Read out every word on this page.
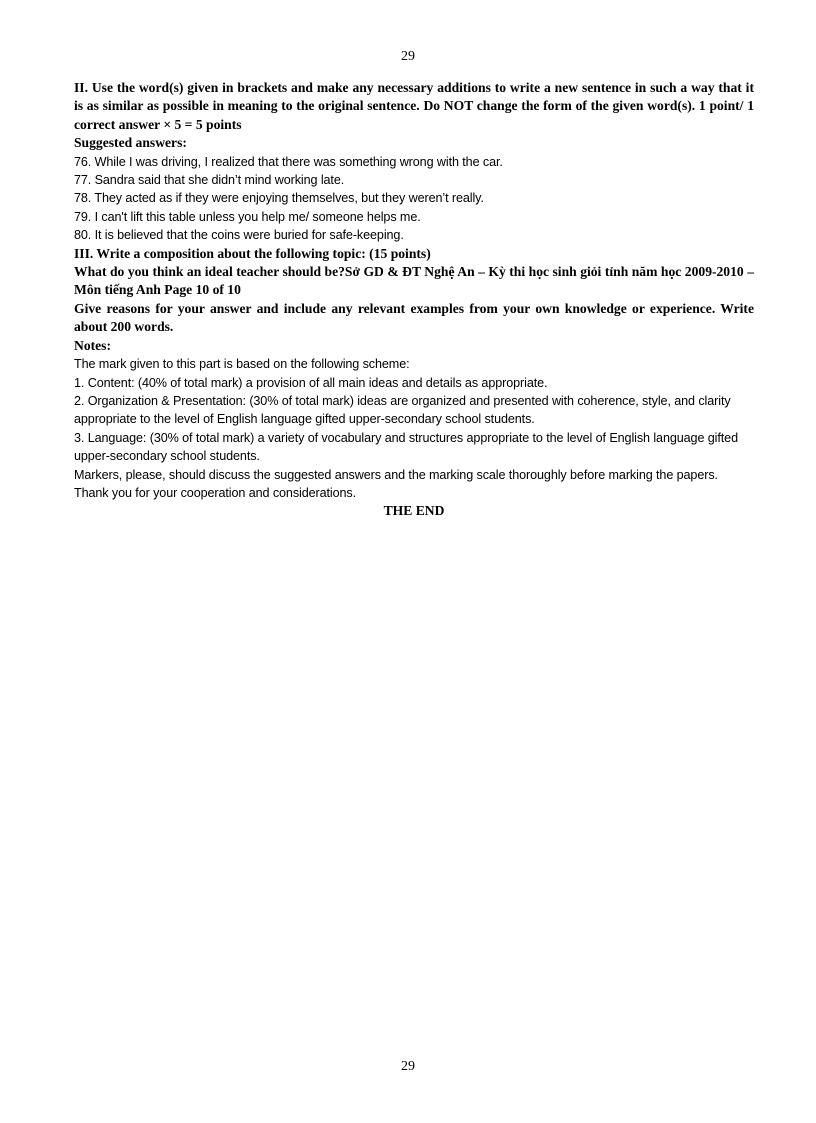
29

II. Use the word(s) given in brackets and make any necessary additions to write a new sentence in such a way that it is as similar as possible in meaning to the original sentence. Do NOT change the form of the given word(s). 1 point/ 1 correct answer × 5 = 5 points

Suggested answers:

76. While I was driving, I realized that there was something wrong with the car.

77. Sandra said that she didn’t mind working late.

78. They acted as if they were enjoying themselves, but they weren’t really.

79. I can't lift this table unless you help me/ someone helps me.

80. It is believed that the coins were buried for safe-keeping.

III. Write a composition about the following topic: (15 points)

What do you think an ideal teacher should be?Sở GD & ĐT Nghệ An – Kỳ thi học sinh giỏi tỉnh năm học 2009-2010 – Môn tiếng Anh Page 10 of 10

Give reasons for your answer and include any relevant examples from your own knowledge or experience. Write about 200 words.

Notes:

The mark given to this part is based on the following scheme:

1. Content: (40% of total mark) a provision of all main ideas and details as appropriate.

2. Organization & Presentation: (30% of total mark) ideas are organized and presented with coherence, style, and clarity appropriate to the level of English language gifted upper-secondary school students.

3. Language: (30% of total mark) a variety of vocabulary and structures appropriate to the level of English language gifted upper-secondary school students.

Markers, please, should discuss the suggested answers and the marking scale thoroughly before marking the papers.

Thank you for your cooperation and considerations.

THE END

29
